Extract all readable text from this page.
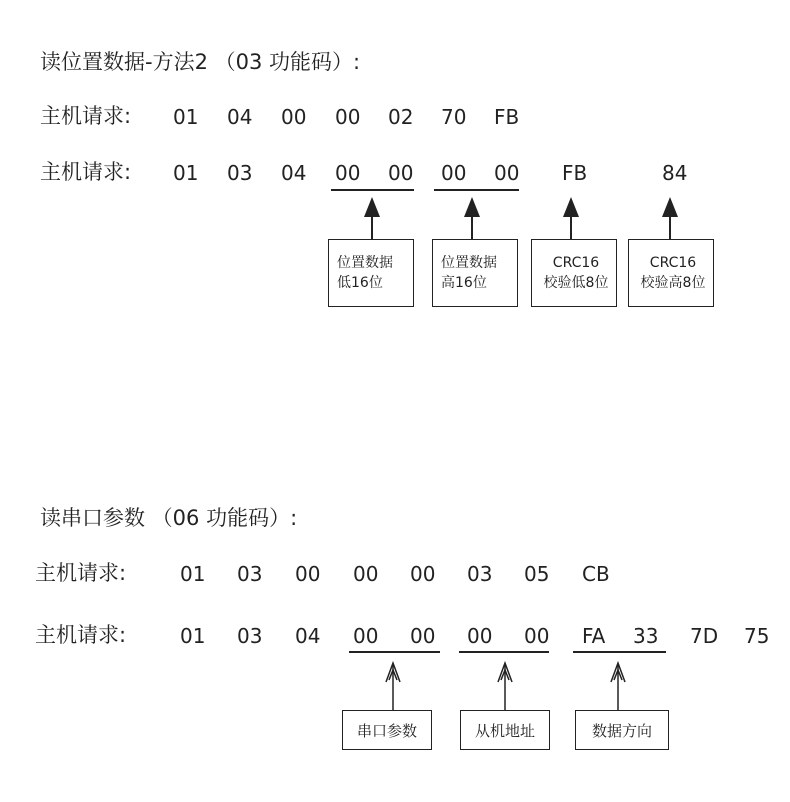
读位置数据-方法2 （03 功能码）:
主机请求: 01 04 00 00 02 70 FB
主机请求: 01 03 04 00 00 00 00 FB	84
位置数据
低16位
位置数据
高16位
CRC16
校验低8位
CRC16
校验高8位
读串口参数 （06 功能码）:
主机请求:	01 03 00 00 00 03 05 CB
主机请求:	01 03 04 00 00 00 00 FA 33 7D 75
串口参数	从机地址	数据方向
